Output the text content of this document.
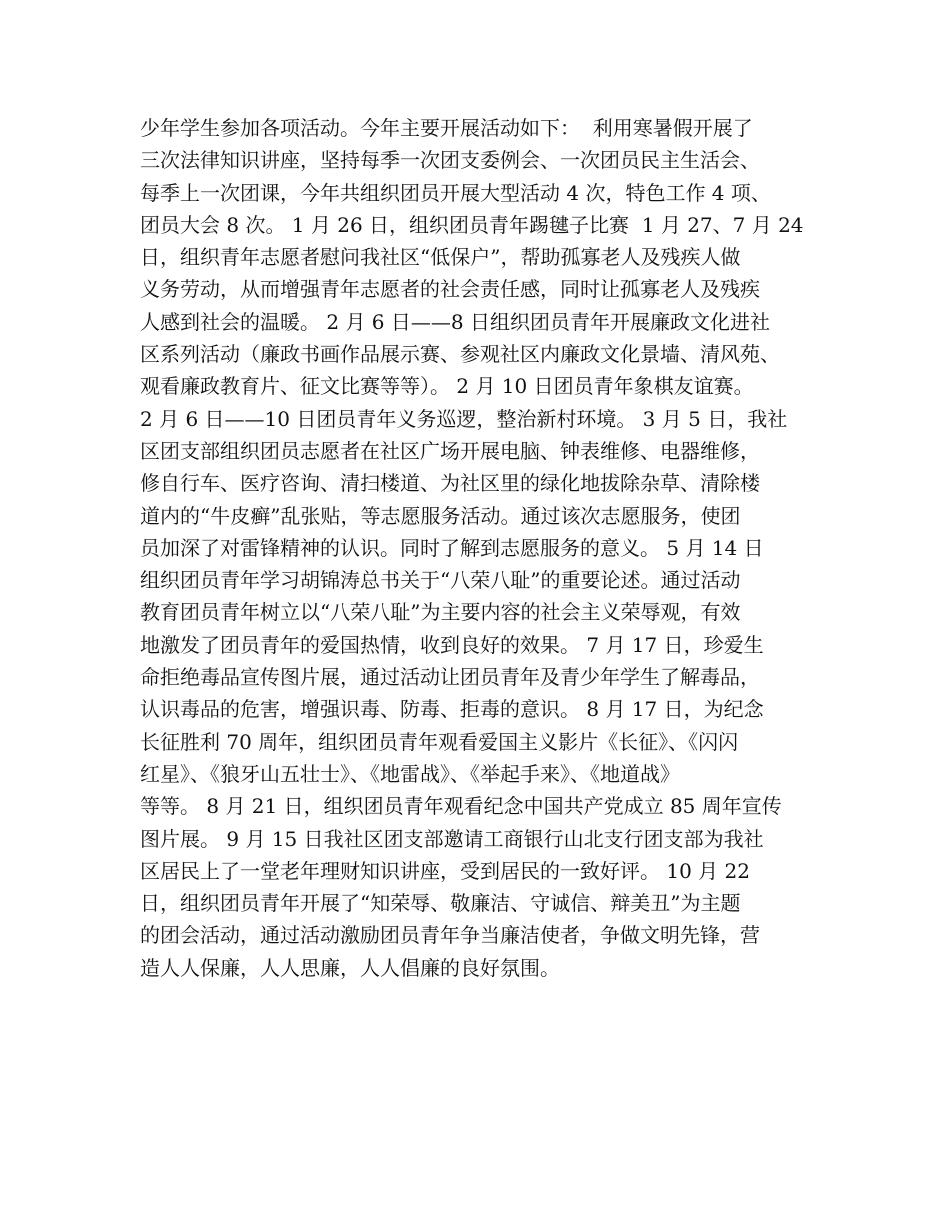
少年学生参加各项活动。今年主要开展活动如下：  利用寒暑假开展了
三次法律知识讲座，坚持每季一次团支委例会、一次团员民主生活会、
每季上一次团课，今年共组织团员开展大型活动 4 次，特色工作 4 项、
团员大会 8 次。 1 月 26 日，组织团员青年踢毽子比赛  1 月 27、7 月 24
日，组织青年志愿者慰问我社区“低保户”，帮助孤寡老人及残疾人做
义务劳动，从而增强青年志愿者的社会责任感，同时让孤寡老人及残疾
人感到社会的温暖。 2 月 6 日——8 日组织团员青年开展廉政文化进社
区系列活动（廉政书画作品展示赛、参观社区内廉政文化景墙、清风苑、
观看廉政教育片、征文比赛等等）。 2 月 10 日团员青年象棋友谊赛。
2 月 6 日——10 日团员青年义务巡逻，整治新村环境。 3 月 5 日，我社
区团支部组织团员志愿者在社区广场开展电脑、钟表维修、电器维修，
修自行车、医疗咨询、清扫楼道、为社区里的绿化地拔除杂草、清除楼
道内的“牛皮癣”乱张贴，等志愿服务活动。通过该次志愿服务，使团
员加深了对雷锋精神的认识。同时了解到志愿服务的意义。 5 月 14 日
组织团员青年学习胡锦涛总书关于“八荣八耻”的重要论述。通过活动
教育团员青年树立以“八荣八耻”为主要内容的社会主义荣辱观，有效
地激发了团员青年的爱国热情，收到良好的效果。 7 月 17 日，珍爱生
命拒绝毒品宣传图片展，通过活动让团员青年及青少年学生了解毒品，
认识毒品的危害，增强识毒、防毒、拒毒的意识。 8 月 17 日，为纪念
长征胜利 70 周年，组织团员青年观看爱国主义影片《长征》、《闪闪
红星》、《狼牙山五壮士》、《地雷战》、《举起手来》、《地道战》
等等。 8 月 21 日，组织团员青年观看纪念中国共产党成立 85 周年宣传
图片展。 9 月 15 日我社区团支部邀请工商银行山北支行团支部为我社
区居民上了一堂老年理财知识讲座，受到居民的一致好评。 10 月 22
日，组织团员青年开展了“知荣辱、敬廉洁、守诚信、辩美丑”为主题
的团会活动，通过活动激励团员青年争当廉洁使者，争做文明先锋，营
造人人保廉，人人思廉，人人倡廉的良好氛围。
